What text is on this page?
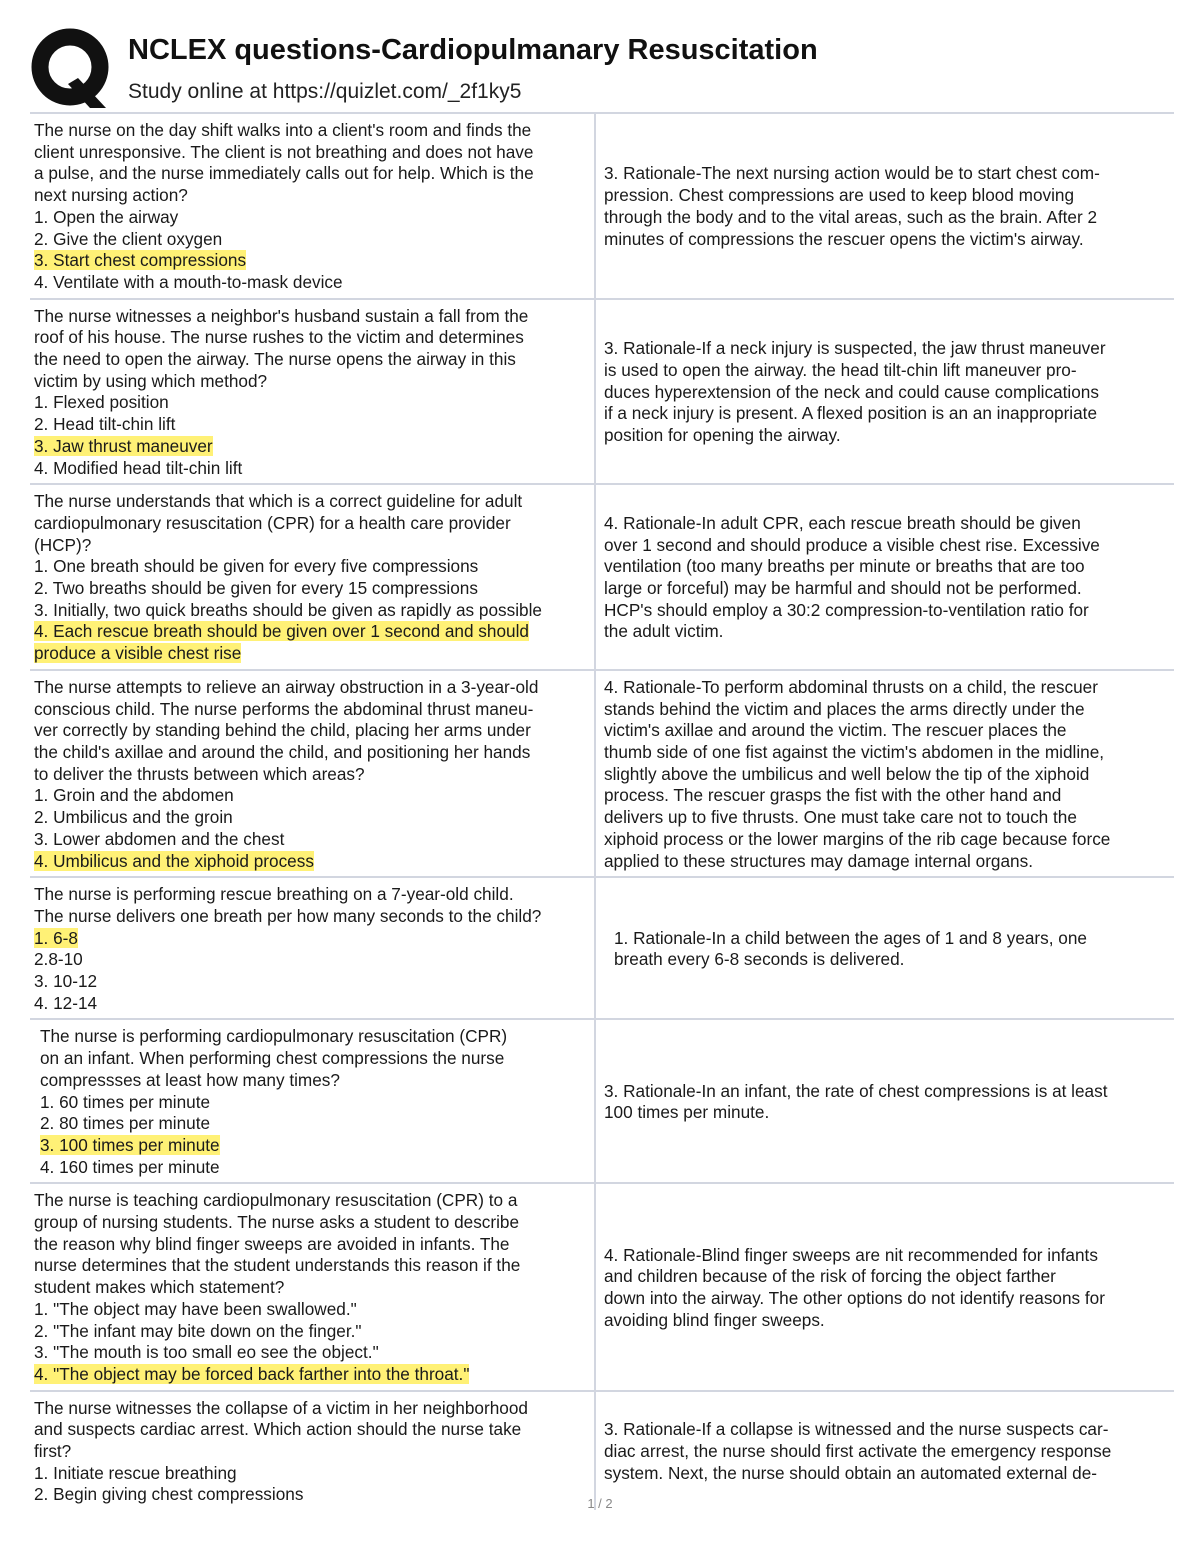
NCLEX questions-Cardiopulmanary Resuscitation
Study online at https://quizlet.com/_2f1ky5
The nurse on the day shift walks into a client's room and finds the
client unresponsive. The client is not breathing and does not have
a pulse, and the nurse immediately calls out for help. Which is the
next nursing action?
1. Open the airway
2. Give the client oxygen
3. Start chest compressions
4. Ventilate with a mouth-to-mask device
3. Rationale-The next nursing action would be to start chest com-
pression. Chest compressions are used to keep blood moving
through the body and to the vital areas, such as the brain. After 2
minutes of compressions the rescuer opens the victim's airway.
The nurse witnesses a neighbor's husband sustain a fall from the
roof of his house. The nurse rushes to the victim and determines
the need to open the airway. The nurse opens the airway in this
victim by using which method?
1. Flexed position
2. Head tilt-chin lift
3. Jaw thrust maneuver
4. Modified head tilt-chin lift
3. Rationale-If a neck injury is suspected, the jaw thrust maneuver
is used to open the airway. the head tilt-chin lift maneuver pro-
duces hyperextension of the neck and could cause complications
if a neck injury is present. A flexed position is an an inappropriate
position for opening the airway.
The nurse understands that which is a correct guideline for adult
cardiopulmonary resuscitation (CPR) for a health care provider
(HCP)?
1. One breath should be given for every five compressions
2. Two breaths should be given for every 15 compressions
3. Initially, two quick breaths should be given as rapidly as possible
4. Each rescue breath should be given over 1 second and should
produce a visible chest rise
4. Rationale-In adult CPR, each rescue breath should be given
over 1 second and should produce a visible chest rise. Excessive
ventilation (too many breaths per minute or breaths that are too
large or forceful) may be harmful and should not be performed.
HCP's should employ a 30:2 compression-to-ventilation ratio for
the adult victim.
The nurse attempts to relieve an airway obstruction in a 3-year-old
conscious child. The nurse performs the abdominal thrust maneu-
ver correctly by standing behind the child, placing her arms under
the child's axillae and around the child, and positioning her hands
to deliver the thrusts between which areas?
1. Groin and the abdomen
2. Umbilicus and the groin
3. Lower abdomen and the chest
4. Umbilicus and the xiphoid process
4. Rationale-To perform abdominal thrusts on a child, the rescuer
stands behind the victim and places the arms directly under the
victim's axillae and around the victim. The rescuer places the
thumb side of one fist against the victim's abdomen in the midline,
slightly above the umbilicus and well below the tip of the xiphoid
process. The rescuer grasps the fist with the other hand and
delivers up to five thrusts. One must take care not to touch the
xiphoid process or the lower margins of the rib cage because force
applied to these structures may damage internal organs.
The nurse is performing rescue breathing on a 7-year-old child.
The nurse delivers one breath per how many seconds to the child?
1. 6-8
2.8-10
3. 10-12
4. 12-14
1. Rationale-In a child between the ages of 1 and 8 years, one
breath every 6-8 seconds is delivered.
The nurse is performing cardiopulmonary resuscitation (CPR)
on an infant. When performing chest compressions the nurse
compressses at least how many times?
1. 60 times per minute
2. 80 times per minute
3. 100 times per minute
4. 160 times per minute
3. Rationale-In an infant, the rate of chest compressions is at least
100 times per minute.
The nurse is teaching cardiopulmonary resuscitation (CPR) to a
group of nursing students. The nurse asks a student to describe
the reason why blind finger sweeps are avoided in infants. The
nurse determines that the student understands this reason if the
student makes which statement?
1. "The object may have been swallowed."
2. "The infant may bite down on the finger."
3. "The mouth is too small eo see the object."
4. "The object may be forced back farther into the throat."
4. Rationale-Blind finger sweeps are nit recommended for infants
and children because of the risk of forcing the object farther
down into the airway. The other options do not identify reasons for
avoiding blind finger sweeps.
The nurse witnesses the collapse of a victim in her neighborhood
and suspects cardiac arrest. Which action should the nurse take
first?
1. Initiate rescue breathing
2. Begin giving chest compressions
3. Rationale-If a collapse is witnessed and the nurse suspects car-
diac arrest, the nurse should first activate the emergency response
system. Next, the nurse should obtain an automated external de-
1 / 2
